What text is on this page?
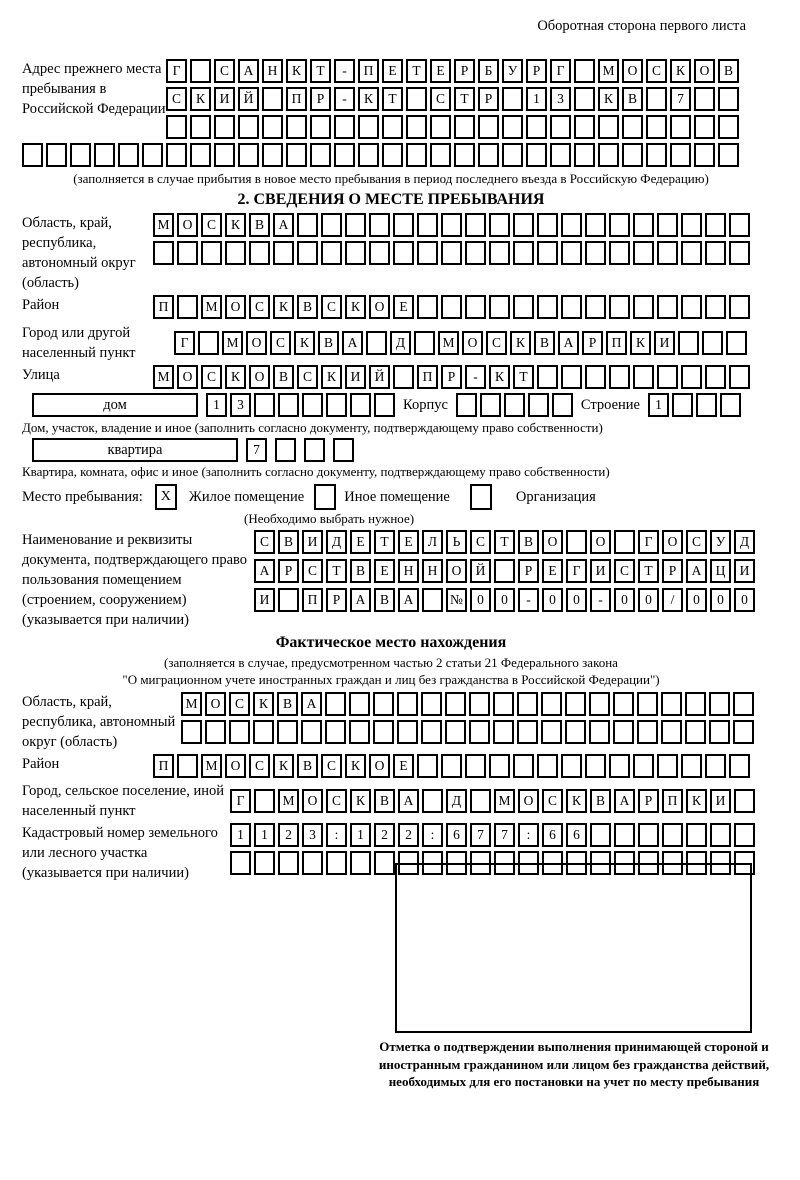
Оборотная сторона первого листа
Адрес прежнего места пребывания в Российской Федерации
Г	С	А	Н	К	Т	-	П	Е	Т	Е	Р	Б	У	Р	Г	М О	С	К	О	В
С	К	И	Й	П	Р	-	К	Т	С	Т	Р	1	3	К	В	7
(заполняется в случае прибытия в новое место пребывания в период последнего въезда в Российскую Федерацию)
2. СВЕДЕНИЯ О МЕСТЕ ПРЕБЫВАНИЯ
Область, край, республика, автономный округ (область)
М О	С	К	В	А
Район	П	М О	С	К	В	С	К	О	Е
Город или другой населенный пункт
Г	М О	С	К	В	А	Д	М О	С	К	В	А	Р	П	К	И
Улица	М О	С	К	О	В	С	К	И	Й	П	Р	-	К	Т
дом	1	3	Корпус	Строение	1
Дом, участок, владение и иное (заполнить согласно документу, подтверждающему право собственности)
квартира	7
Квартира, комната, офис и иное (заполнить согласно документу, подтверждающему право собственности)
Место пребывания:	X	Жилое помещение	Иное помещение	Организация
(Необходимо выбрать нужное)
Наименование и реквизиты документа, подтверждающего право пользования помещением (строением, сооружением) (указывается при наличии)
С	В	И	Д	Е	Т	Е	Л	Ь	С	Т	В	О	О	Г	О	С	У	Д
А	Р	С	Т	В	Е	Н	Н	О	Й	Р	Е	Г	И	С	Т	Р	А	Ц	И
И	П	Р	А	В	А	№	0	0	-	0	0	-	0	0	/	0	0	0
Фактическое место нахождения
(заполняется в случае, предусмотренном частью 2 статьи 21 Федерального закона
"О миграционном учете иностранных граждан и лиц без гражданства в Российской Федерации")
Область, край, республика, автономный округ (область)
М О	С	К	В	А
Район	П	М О	С	К	В	С	К	О	Е
Город, сельское поселение, иной населенный пункт
Г	М О	С	К	В	А	Д	М О	С	К	В	А	Р	П	К	И
Кадастровый номер земельного или лесного участка (указывается при наличии)
1	1	2	3	:	1	2	2	:	6	7	7	:	6	6
Отметка о подтверждении выполнения принимающей стороной и иностранным гражданином или лицом без гражданства действий, необходимых для его постановки на учет по месту пребывания
